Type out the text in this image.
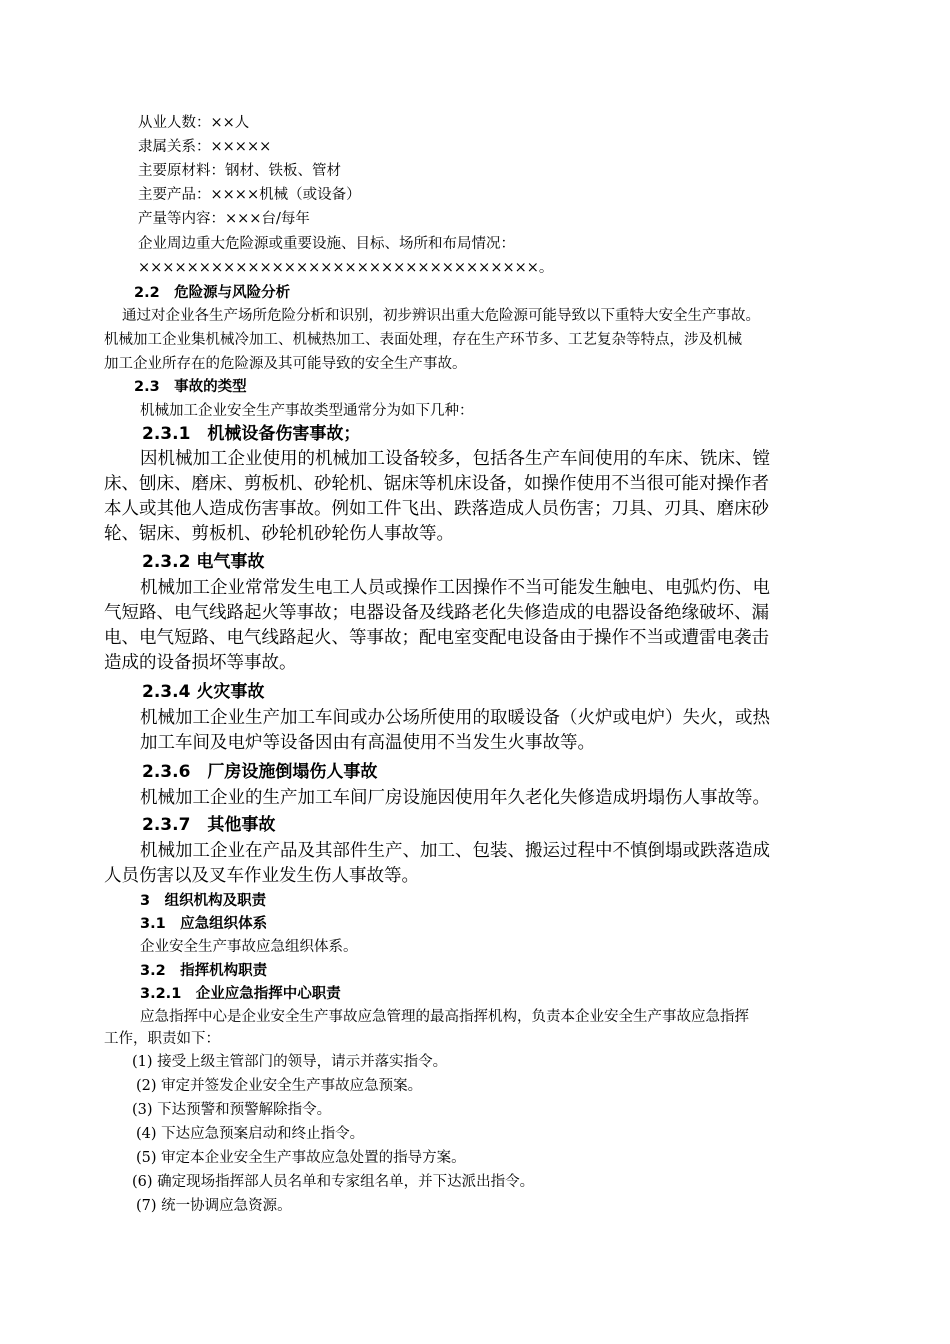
从业人数：××人
隶属关系：×××××
主要原材料：钢材、铁板、管材
主要产品：××××机械（或设备）
产量等内容：×××台/每年
企业周边重大危险源或重要设施、目标、场所和布局情况：
×××××××××××××××××××××××××××××××××。
2.2　危险源与风险分析
通过对企业各生产场所危险分析和识别，初步辨识出重大危险源可能导致以下重特大安全生产事故。
机械加工企业集机械冷加工、机械热加工、表面处理，存在生产环节多、工艺复杂等特点，涉及机械
加工企业所存在的危险源及其可能导致的安全生产事故。
2.3　事故的类型
机械加工企业安全生产事故类型通常分为如下几种：
2.3.1　机械设备伤害事故；
因机械加工企业使用的机械加工设备较多，包括各生产车间使用的车床、铣床、镗
床、刨床、磨床、剪板机、砂轮机、锯床等机床设备，如操作使用不当很可能对操作者
本人或其他人造成伤害事故。例如工件飞出、跌落造成人员伤害；刀具、刃具、磨床砂
轮、锯床、剪板机、砂轮机砂轮伤人事故等。
2.3.2 电气事故
机械加工企业常常发生电工人员或操作工因操作不当可能发生触电、电弧灼伤、电
气短路、电气线路起火等事故；电器设备及线路老化失修造成的电器设备绝缘破坏、漏
电、电气短路、电气线路起火、等事故；配电室变配电设备由于操作不当或遭雷电袭击
造成的设备损坏等事故。
2.3.4 火灾事故
机械加工企业生产加工车间或办公场所使用的取暖设备（火炉或电炉）失火，或热
加工车间及电炉等设备因由有高温使用不当发生火事故等。
2.3.6　厂房设施倒塌伤人事故
机械加工企业的生产加工车间厂房设施因使用年久老化失修造成坍塌伤人事故等。
2.3.7　其他事故
机械加工企业在产品及其部件生产、加工、包装、搬运过程中不慎倒塌或跌落造成
人员伤害以及叉车作业发生伤人事故等。
3　组织机构及职责
3.1　应急组织体系
企业安全生产事故应急组织体系。
3.2　指挥机构职责
3.2.1　企业应急指挥中心职责
应急指挥中心是企业安全生产事故应急管理的最高指挥机构，负责本企业安全生产事故应急指挥
工作，职责如下：
(1) 接受上级主管部门的领导，请示并落实指令。
(2) 审定并签发企业安全生产事故应急预案。
(3) 下达预警和预警解除指令。
(4) 下达应急预案启动和终止指令。
(5) 审定本企业安全生产事故应急处置的指导方案。
(6) 确定现场指挥部人员名单和专家组名单，并下达派出指令。
(7) 统一协调应急资源。
